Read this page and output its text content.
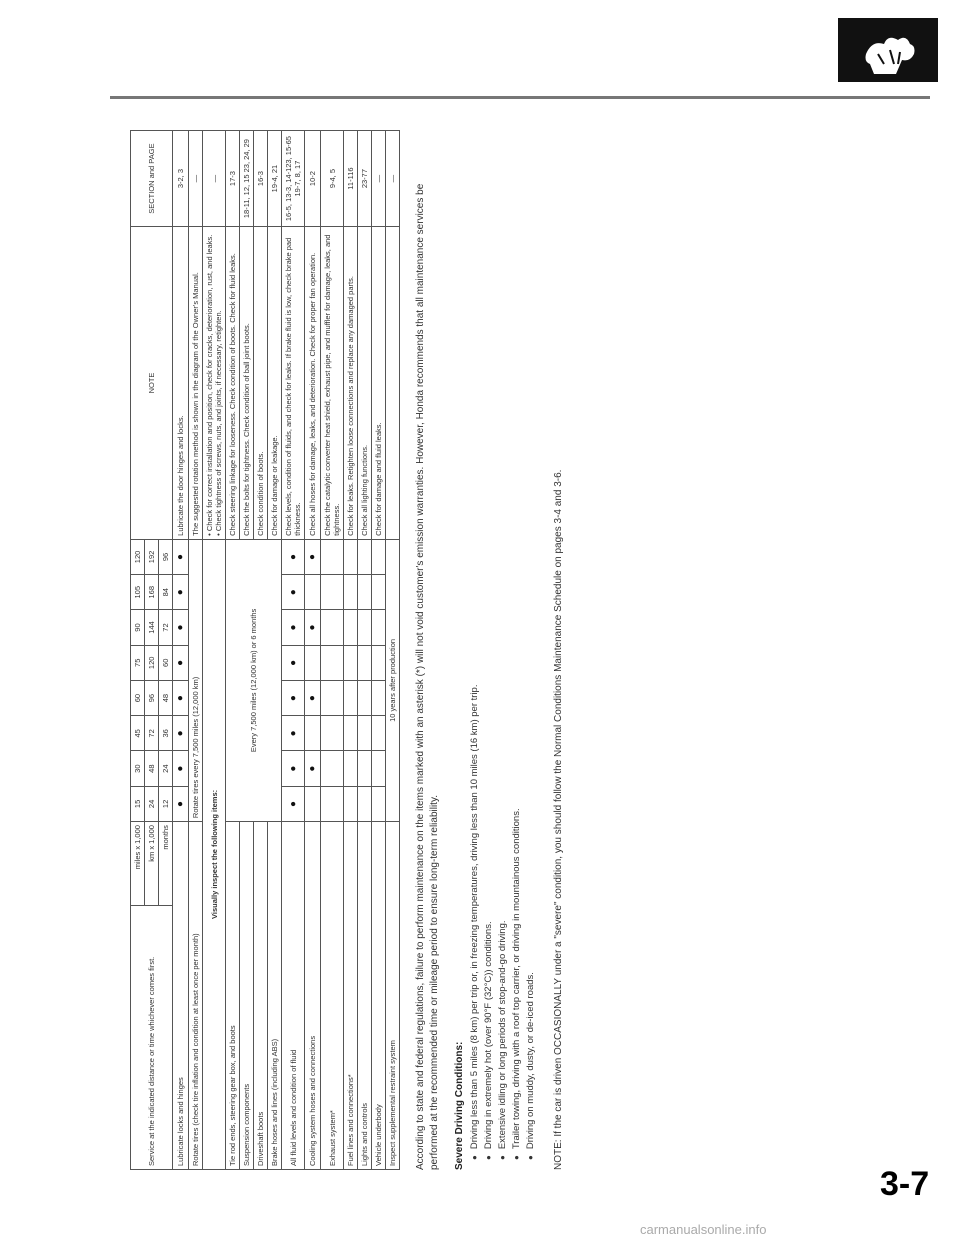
Service at the indicated distance or time whichever comes first.	miles x 1,000	15	30	45	60	75	90	105	120	NOTE	SECTION and PAGE
	km x 1,000	24	48	72	96	120	144	168	192		
	months	12	24	36	48	60	72	84	96		
Lubricate locks and hinges		●	●	●	●	●	●	●	●	Lubricate the door hinges and locks.	3-2, 3
Rotate tires (check tire inflation and condition at least once per month)		Rotate tires every 7,500 miles (12,000 km)								The suggested rotation method is shown in the diagram of the Owner's Manual.	—
Visually inspect the following items:										• Check for correct installation and position, check for cracks, deterioration, rust, and leaks. • Check tightness of screws, nuts, and joints, if necessary, retighten.	—
Tie rod ends, steering gear box, and boots		Every 7,500 miles (12,000 km) or 6 months								Check steering linkage for looseness. Check condition of boots. Check for fluid leaks.	17-3
Suspension components										Check the bolts for tightness. Check condition of ball joint boots.	18-11, 12, 15 23, 24, 29
Driveshaft boots										Check condition of boots.	16-3
Brake hoses and lines (including ABS)										Check for damage or leakage.	19-4, 21
All fluid levels and condition of fluid		●	●	●	●	●	●	●	●	Check levels, condition of fluids, and check for leaks. If brake fluid is low, check brake pad thickness.	16-5, 13-3, 14-123, 15-65 19-7, 8, 17
Cooling system hoses and connections			●		●		●		●	Check all hoses for damage, leaks, and deterioration. Check for proper fan operation.	10-2
Exhaust system*										Check the catalytic converter heat shield, exhaust pipe, and muffler for damage, leaks, and tightness.	9-4, 5
Fuel lines and connections*										Check for leaks. Retighten loose connections and replace any damaged parts.	11-116
Lights and controls										Check all lighting functions.	23-77
Vehicle underbody										Check for damage and fluid leaks.	—
Inspect supplemental restraint system		10 years after production									—

According to state and federal regulations, failure to perform maintenance on the items marked with an asterisk (*) will not void customer's emission warranties. However, Honda recommends that all maintenance services be performed at the recommended time or mileage period to ensure long-term reliability. Severe Driving Conditions: ● Driving less than 5 miles (8 km) per trip or, in freezing temperatures, driving less than 10 miles (16 km) per trip. ● Driving in extremely hot (over 90°F (32°C)) conditions. ● Extensive idling or long periods of stop-and-go driving. ● Trailer towing, driving with a roof top carrier, or driving in mountainous conditions. ● Driving on muddy, dusty, or de-iced roads. NOTE: If the car is driven OCCASIONALLY under a "severe" condition, you should follow the Normal Conditions Maintenance Schedule on pages 3-4 and 3-6.

3-7
carmanualsonline.info
